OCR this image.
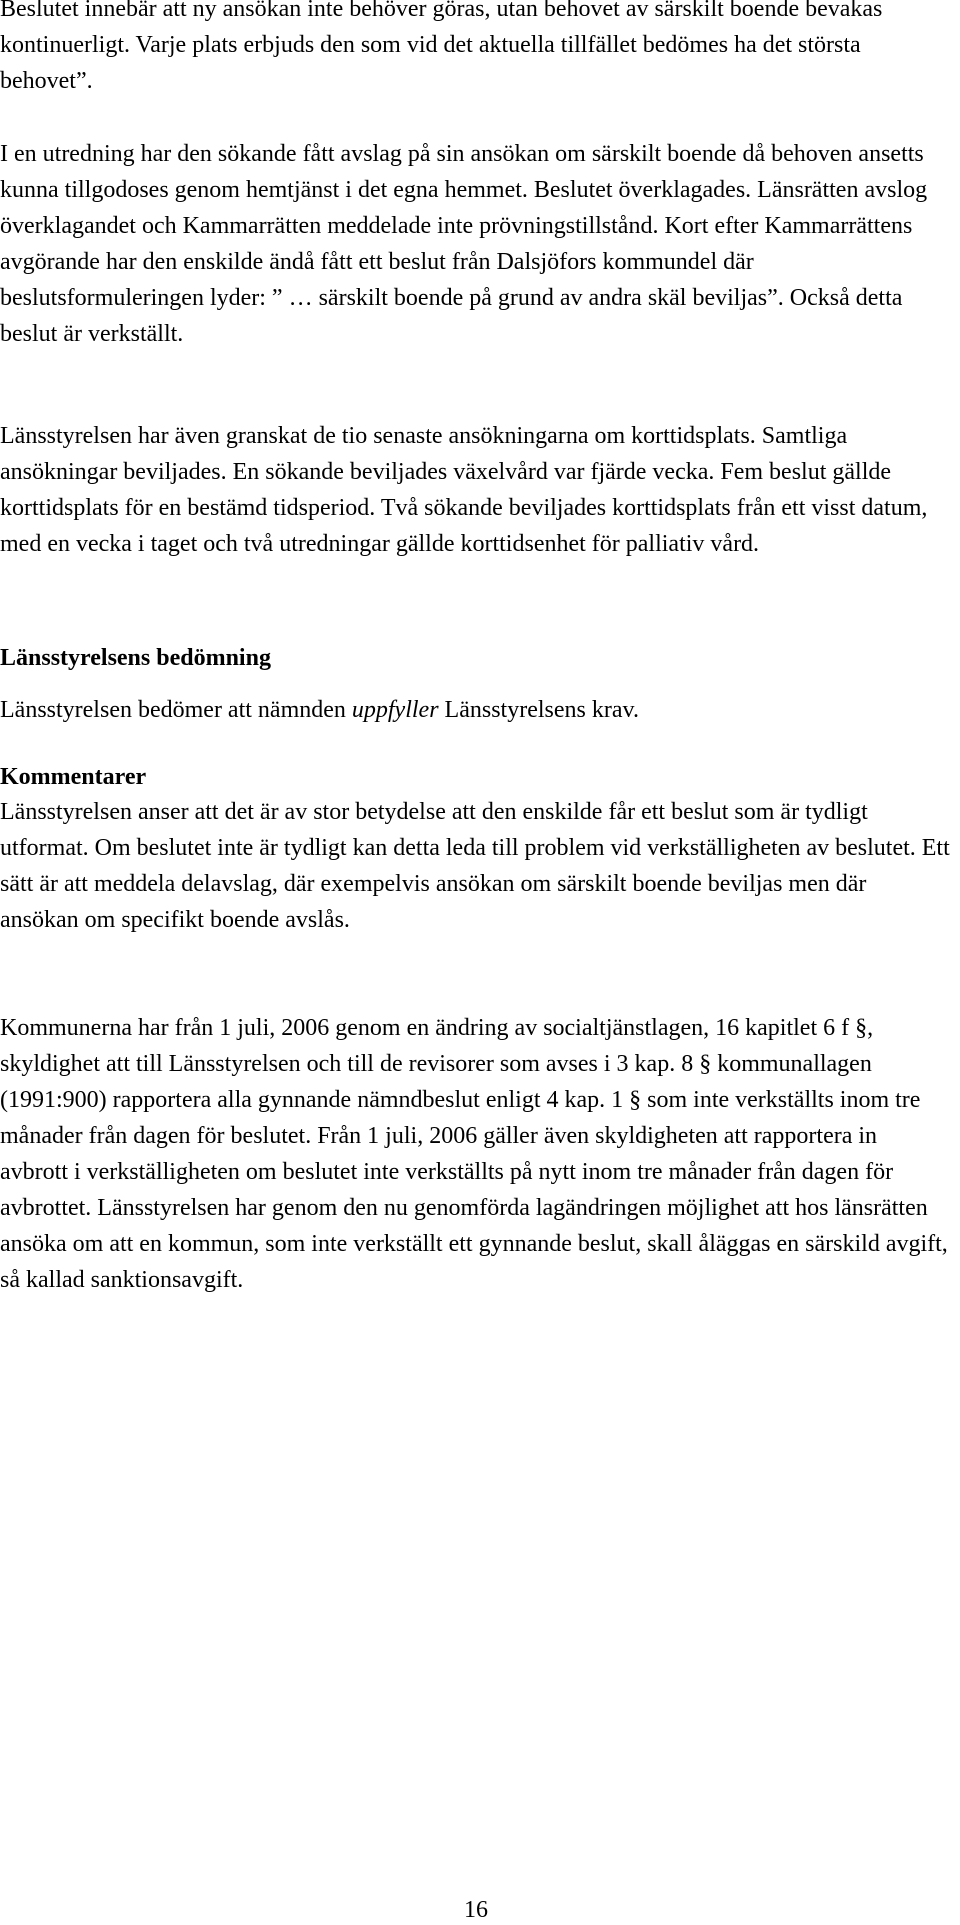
Beslutet innebär att ny ansökan inte behöver göras, utan behovet av särskilt boende bevakas kontinuerligt. Varje plats erbjuds den som vid det aktuella tillfället bedömes ha det största behovet”.

I en utredning har den sökande fått avslag på sin ansökan om särskilt boende då behoven ansetts kunna tillgodoses genom hemtjänst i det egna hemmet. Beslutet överklagades. Länsrätten avslog överklagandet och Kammarrätten meddelade inte prövningstillstånd. Kort efter Kammarrättens avgörande har den enskilde ändå fått ett beslut från Dalsjöfors kommundel där beslutsformuleringen lyder: ” … särskilt boende på grund av andra skäl beviljas”. Också detta beslut är verkställt.

Länsstyrelsen har även granskat de tio senaste ansökningarna om korttidsplats. Samtliga ansökningar beviljades. En sökande beviljades växelvård var fjärde vecka. Fem beslut gällde korttidsplats för en bestämd tidsperiod. Två sökande beviljades korttidsplats från ett visst datum, med en vecka i taget och två utredningar gällde korttidsenhet för palliativ vård.

Länsstyrelsens bedömning

Länsstyrelsen bedömer att nämnden uppfyller Länsstyrelsens krav.

Kommentarer

Länsstyrelsen anser att det är av stor betydelse att den enskilde får ett beslut som är tydligt utformat. Om beslutet inte är tydligt kan detta leda till problem vid verkställigheten av beslutet. Ett sätt är att meddela delavslag, där exempelvis ansökan om särskilt boende beviljas men där ansökan om specifikt boende avslås.

Kommunerna har från 1 juli, 2006 genom en ändring av socialtjänstlagen, 16 kapitlet 6 f §, skyldighet att till Länsstyrelsen och till de revisorer som avses i 3 kap. 8 § kommunallagen (1991:900) rapportera alla gynnande nämndbeslut enligt 4 kap. 1 § som inte verkställts inom tre månader från dagen för beslutet. Från 1 juli, 2006 gäller även skyldigheten att rapportera in avbrott i verkställigheten om beslutet inte verkställts på nytt inom tre månader från dagen för avbrottet. Länsstyrelsen har genom den nu genomförda lagändringen möjlighet att hos länsrätten ansöka om att en kommun, som inte verkställt ett gynnande beslut, skall åläggas en särskild avgift, så kallad sanktionsavgift.

16
